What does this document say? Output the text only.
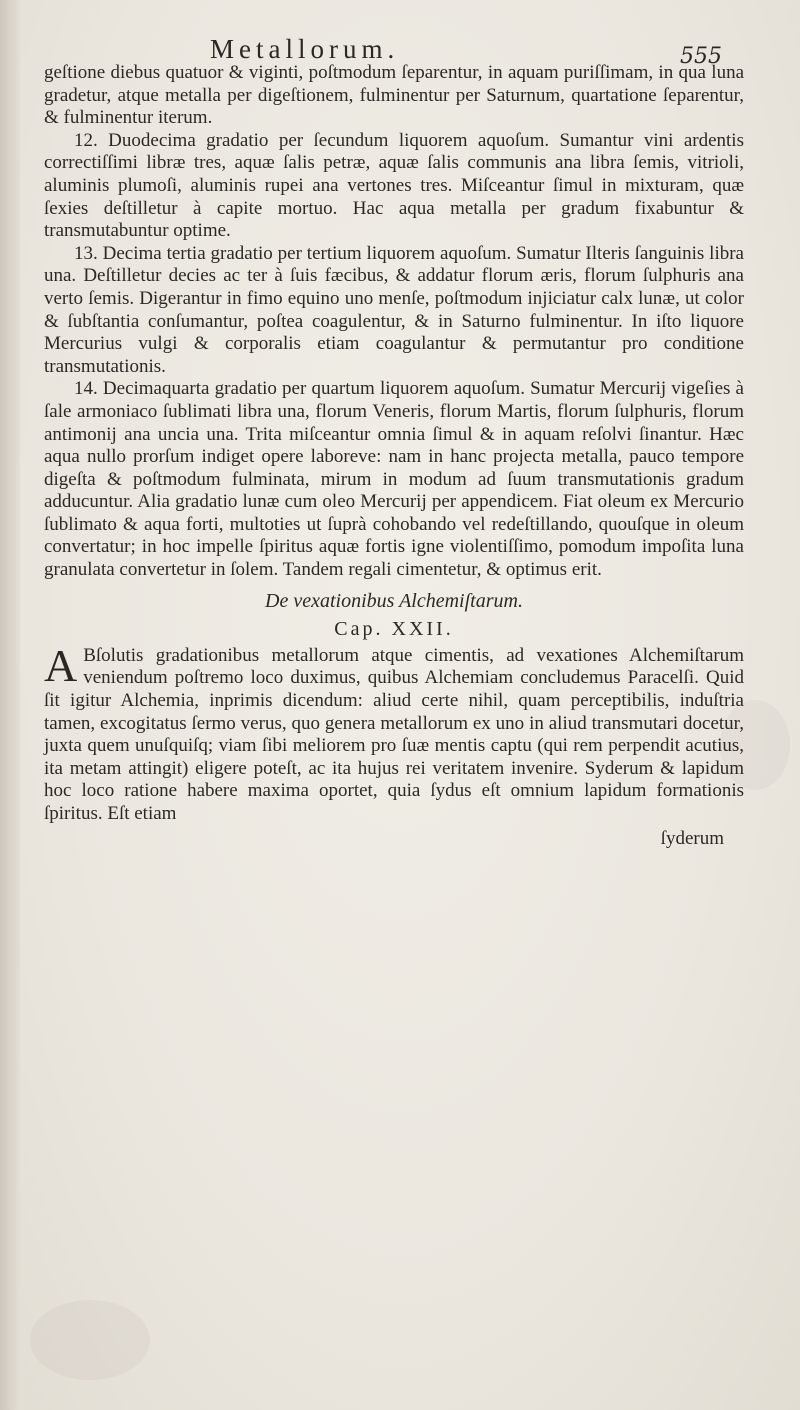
Metallorum.	555

geſtione diebus quatuor & viginti, poſtmodum ſeparentur, in aquam puriſſimam, in qua luna gradetur, atque metalla per digeſtionem, fulminentur per Saturnum, quartatione ſeparentur, & fulminentur iterum.

12. Duodecima gradatio per ſecundum liquorem aquoſum. Sumantur vini ardentis correctiſſimi libræ tres, aquæ ſalis petræ, aquæ ſalis communis ana libra ſemis, vitrioli, aluminis plumoſi, aluminis rupei ana vertones tres. Miſceantur ſimul in mixturam, quæ ſexies deſtilletur à capite mortuo. Hac aqua metalla per gradum fixabuntur & transmutabuntur optime.

13. Decima tertia gradatio per tertium liquorem aquoſum. Sumatur Ilteris ſanguinis libra una. Deſtilletur decies ac ter à ſuis fæcibus, & addatur florum æris, florum ſulphuris ana verto ſemis. Digerantur in fimo equino uno menſe, poſtmodum injiciatur calx lunæ, ut color & ſubſtantia conſumantur, poſtea coagulentur, & in Saturno fulminentur. In iſto liquore Mercurius vulgi & corporalis etiam coagulantur & permutantur pro conditione transmutationis.

14. Decimaquarta gradatio per quartum liquorem aquoſum. Sumatur Mercurij vigeſies à ſale armoniaco ſublimati libra una, florum Veneris, florum Martis, florum ſulphuris, florum antimonij ana uncia una. Trita miſceantur omnia ſimul & in aquam reſolvi ſinantur. Hæc aqua nullo prorſum indiget opere laboreve: nam in hanc projecta metalla, pauco tempore digeſta & poſtmodum fulminata, mirum in modum ad ſuum transmutationis gradum adducuntur. Alia gradatio lunæ cum oleo Mercurij per appendicem. Fiat oleum ex Mercurio ſublimato & aqua forti, multoties ut ſuprà cohobando vel redeſtillando, quouſque in oleum convertatur; in hoc impelle ſpiritus aquæ fortis igne violentiſſimo, pomodum impoſita luna granulata convertetur in ſolem. Tandem regali cimentetur, & optimus erit.

De vexationibus Alchemiſtarum.
Cap. XXII.

A Bſolutis gradationibus metallorum atque cimentis, ad vexationes Alchemiſtarum veniendum poſtremo loco duximus, quibus Alchemiam concludemus Paracelſi. Quid ſit igitur Alchemia, inprimis dicendum: aliud certe nihil, quam perceptibilis, induſtria tamen, excogitatus ſermo verus, quo genera metallorum ex uno in aliud transmutari docetur, juxta quem unuſquiſq; viam ſibi meliorem pro ſuæ mentis captu (qui rem perpendit acutius, ita metam attingit) eligere poteſt, ac ita hujus rei veritatem invenire. Syderum & lapidum hoc loco ratione habere maxima oportet, quia ſydus eſt omnium lapidum formationis ſpiritus. Eſt etiam

ſyderum
